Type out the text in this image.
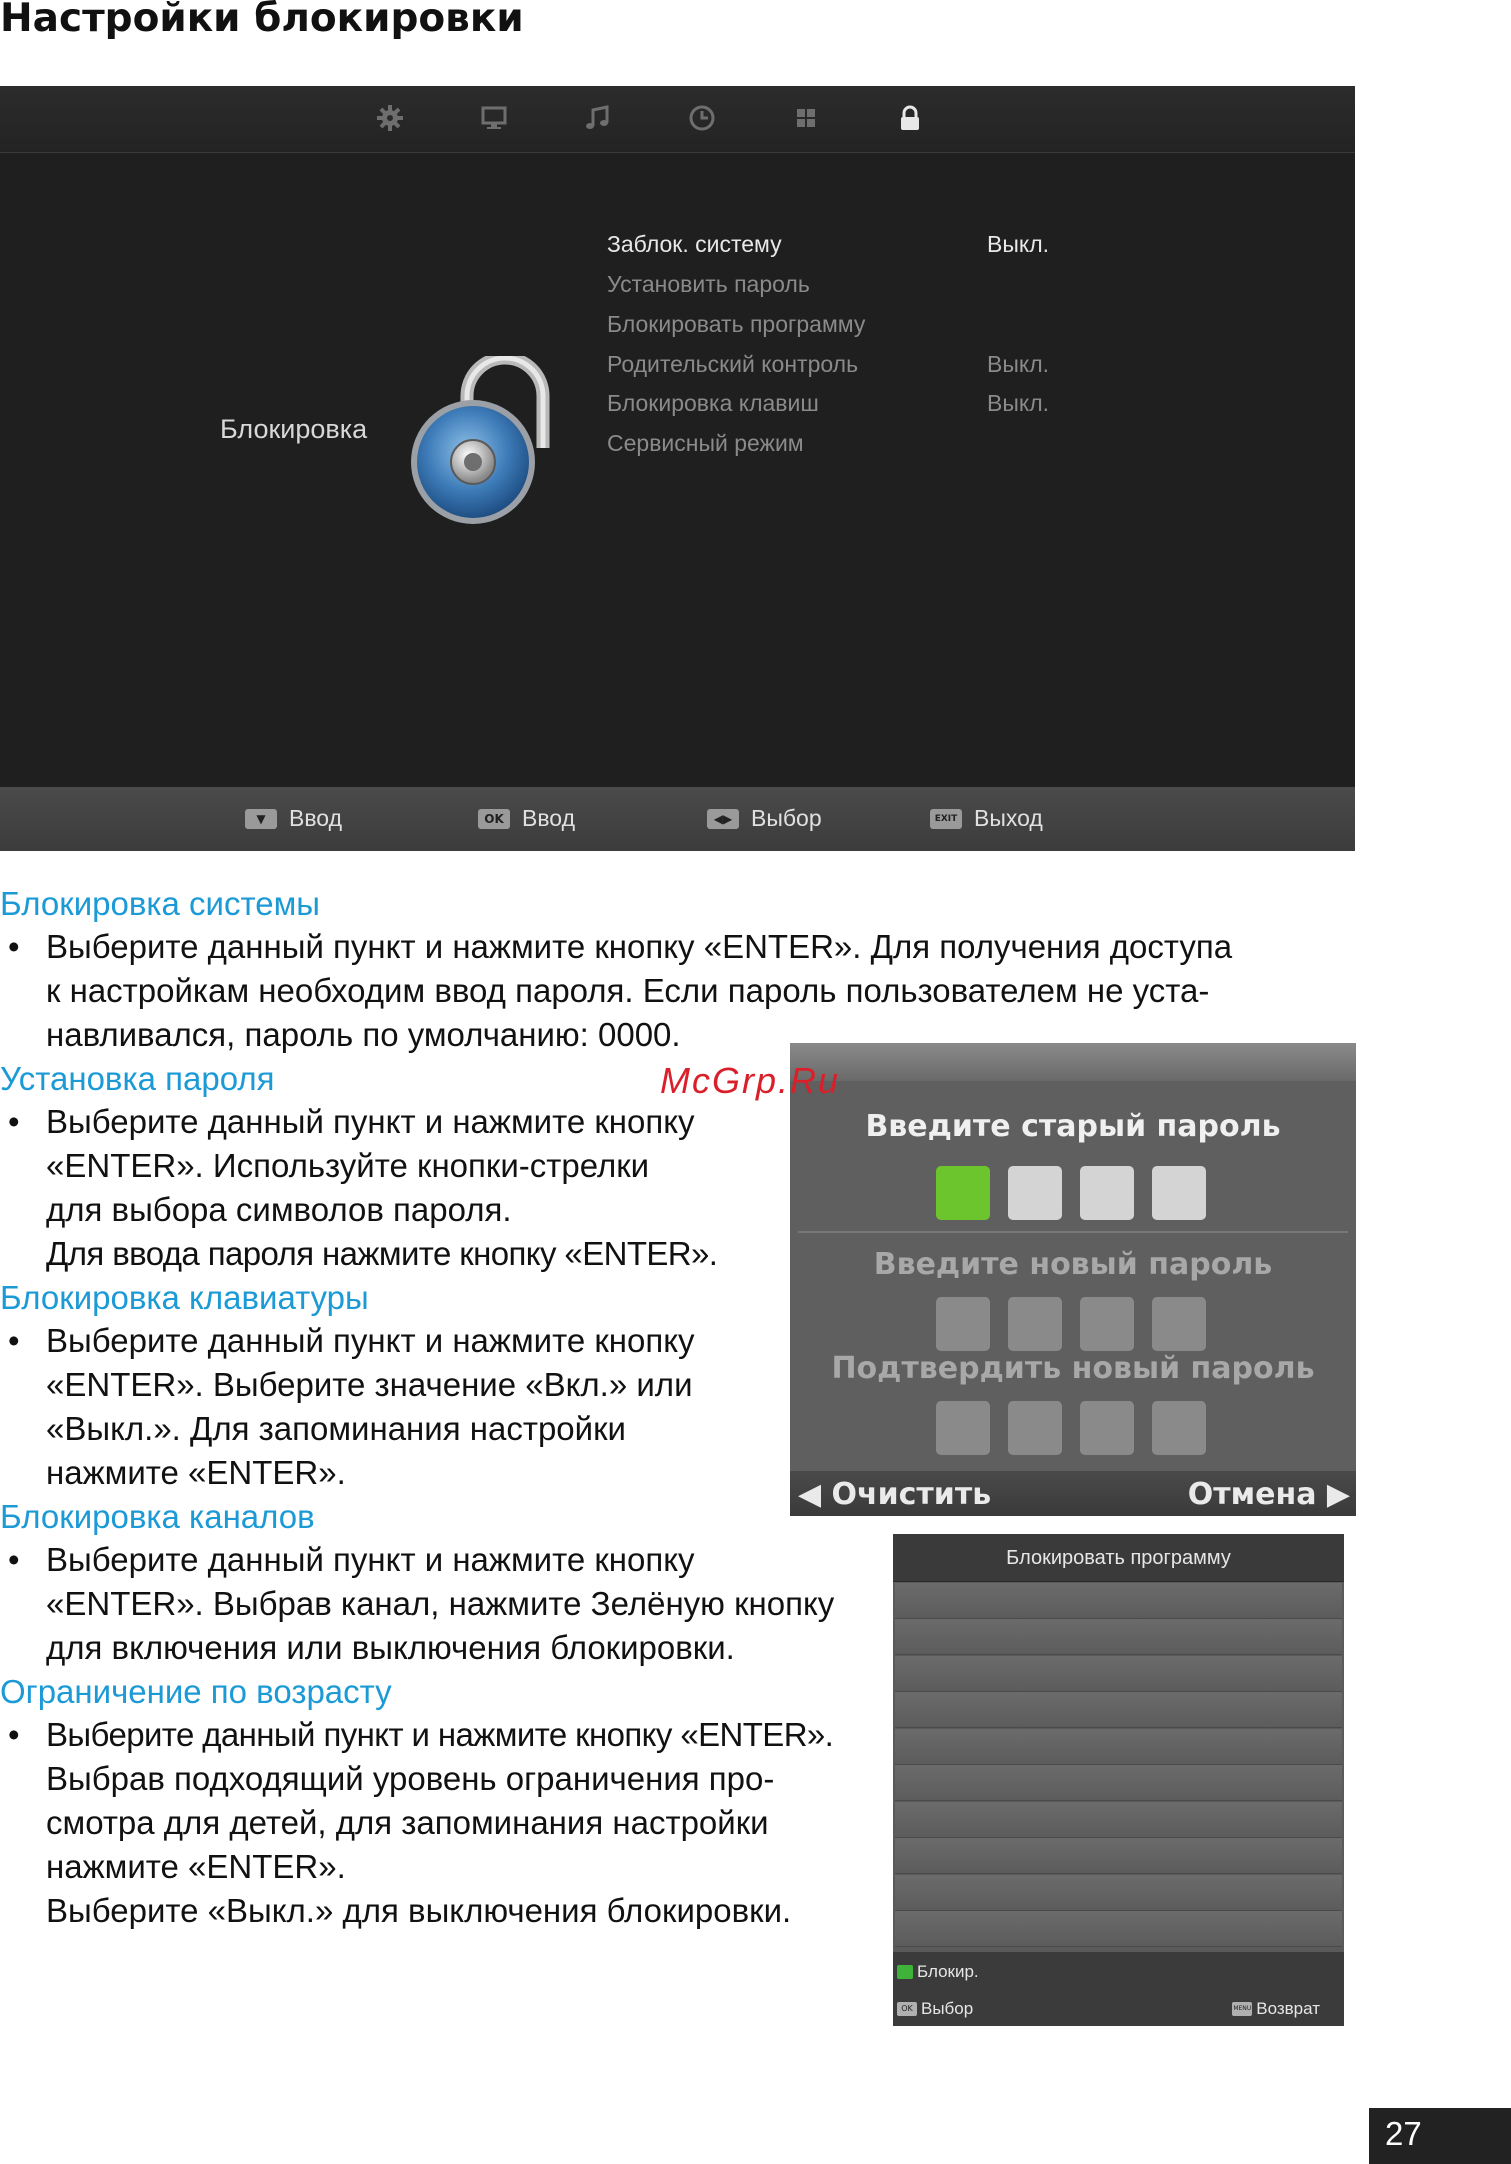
Настройки блокировки
Блокировка
Заблок. систему	Выкл.
Установить пароль
Блокировать программу
Родительский контроль	Выкл.
Блокировка клавиш	Выкл.
Сервисный режим
▼	Ввод	OK Ввод	◀▶ Выбор	EXIT Выход
Блокировка системы
• Выберите данный пункт и нажмите кнопку «ENTER». Для получения доступа
к настройкам необходим ввод пароля. Если пароль пользователем не уста-
навливался, пароль по умолчанию: 0000.
Установка пароля
• Выберите данный пункт и нажмите кнопку
«ENTER». Используйте кнопки-стрелки
для выбора символов пароля.
Для ввода пароля нажмите кнопку «ENTER».
Блокировка клавиатуры
• Выберите данный пункт и нажмите кнопку
«ENTER». Выберите значение «Вкл.» или
«Выкл.». Для запоминания настройки
нажмите «ENTER».
Блокировка каналов
• Выберите данный пункт и нажмите кнопку
«ENTER». Выбрав канал, нажмите Зелёную кнопку
для включения или выключения блокировки.
Ограничение по возрасту
• Выберите данный пункт и нажмите кнопку «ENTER».
Выбрав подходящий уровень ограничения про-
смотра для детей, для запоминания настройки
нажмите «ENTER».
Выберите «Выкл.» для выключения блокировки.
Введите старый пароль
Введите новый пароль
Подтвердить новый пароль
◀ Очистить	Отмена ▶
Блокировать программу
Блокир.
OK Выбор	MENU Возврат
McGrp.Ru
27
